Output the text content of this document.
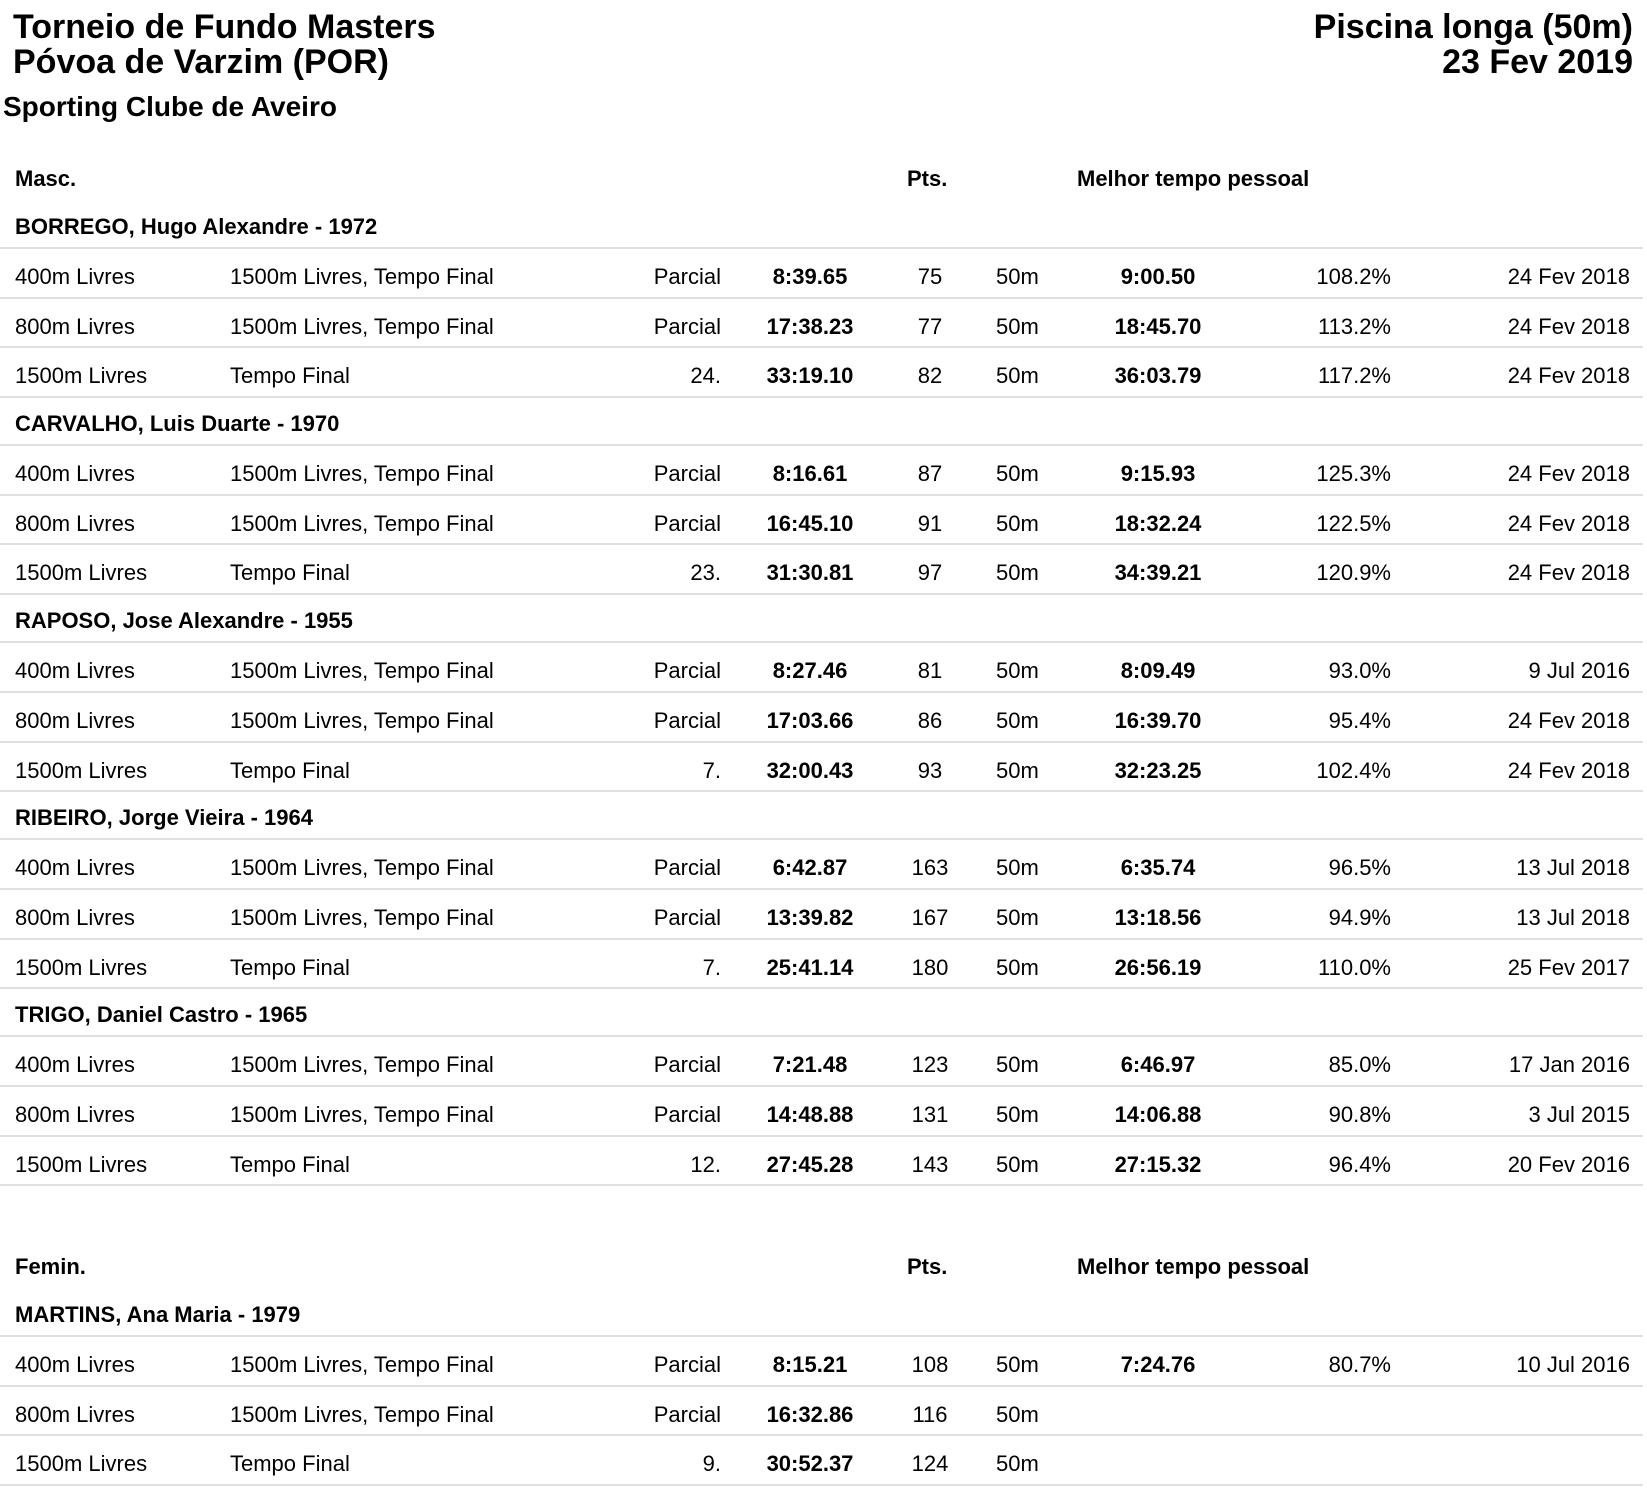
Torneio de Fundo Masters
Póvoa de Varzim (POR)
Piscina longa (50m)
23 Fev 2019
Sporting Clube de Aveiro
Masc.	Pts.	Melhor tempo pessoal
BORREGO, Hugo Alexandre - 1972
400m Livres	1500m Livres, Tempo Final	Parcial	8:39.65	75	50m	9:00.50	108.2%	24 Fev 2018
800m Livres	1500m Livres, Tempo Final	Parcial	17:38.23	77	50m	18:45.70	113.2%	24 Fev 2018
1500m Livres	Tempo Final	24.	33:19.10	82	50m	36:03.79	117.2%	24 Fev 2018
CARVALHO, Luis Duarte - 1970
400m Livres	1500m Livres, Tempo Final	Parcial	8:16.61	87	50m	9:15.93	125.3%	24 Fev 2018
800m Livres	1500m Livres, Tempo Final	Parcial	16:45.10	91	50m	18:32.24	122.5%	24 Fev 2018
1500m Livres	Tempo Final	23.	31:30.81	97	50m	34:39.21	120.9%	24 Fev 2018
RAPOSO, Jose Alexandre - 1955
400m Livres	1500m Livres, Tempo Final	Parcial	8:27.46	81	50m	8:09.49	93.0%	9 Jul 2016
800m Livres	1500m Livres, Tempo Final	Parcial	17:03.66	86	50m	16:39.70	95.4%	24 Fev 2018
1500m Livres	Tempo Final	7.	32:00.43	93	50m	32:23.25	102.4%	24 Fev 2018
RIBEIRO, Jorge Vieira - 1964
400m Livres	1500m Livres, Tempo Final	Parcial	6:42.87	163	50m	6:35.74	96.5%	13 Jul 2018
800m Livres	1500m Livres, Tempo Final	Parcial	13:39.82	167	50m	13:18.56	94.9%	13 Jul 2018
1500m Livres	Tempo Final	7.	25:41.14	180	50m	26:56.19	110.0%	25 Fev 2017
TRIGO, Daniel Castro - 1965
400m Livres	1500m Livres, Tempo Final	Parcial	7:21.48	123	50m	6:46.97	85.0%	17 Jan 2016
800m Livres	1500m Livres, Tempo Final	Parcial	14:48.88	131	50m	14:06.88	90.8%	3 Jul 2015
1500m Livres	Tempo Final	12.	27:45.28	143	50m	27:15.32	96.4%	20 Fev 2016
Femin.	Pts.	Melhor tempo pessoal
MARTINS, Ana Maria - 1979
400m Livres	1500m Livres, Tempo Final	Parcial	8:15.21	108	50m	7:24.76	80.7%	10 Jul 2016
800m Livres	1500m Livres, Tempo Final	Parcial	16:32.86	116	50m
1500m Livres	Tempo Final	9.	30:52.37	124	50m
